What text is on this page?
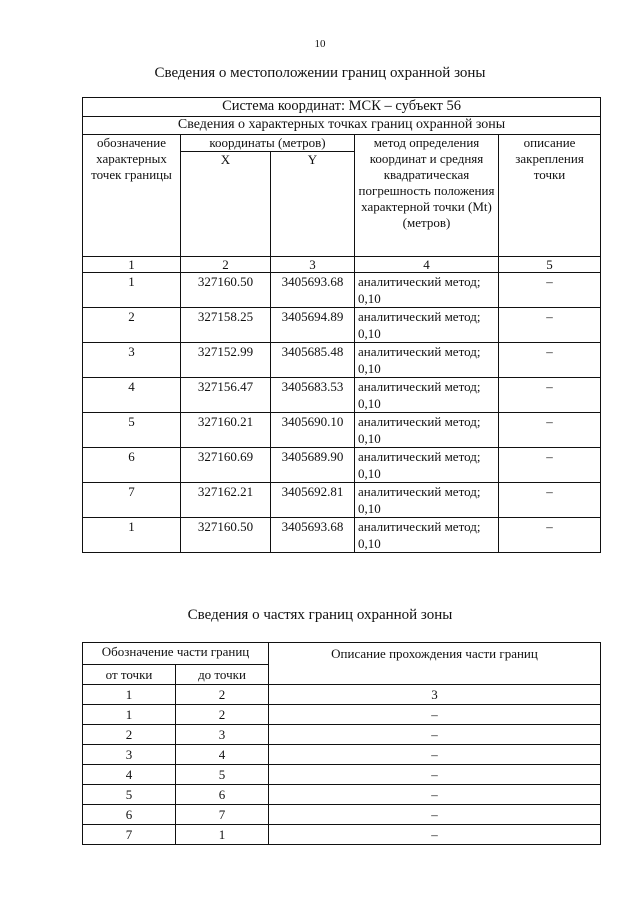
10
Сведения о местоположении границ охранной зоны
Система координат: МСК – субъект 56				
Сведения о характерных точках границ охранной зоны				
обозначение характерных точек границы	координаты (метров)		метод определения координат и средняя квадратическая погрешность положения характерной точки (Mt) (метров)	описание закрепления точки
	X	Y		
1	2	3	4	5
1	327160.50	3405693.68	аналитический метод; 0,10	–
2	327158.25	3405694.89	аналитический метод; 0,10	–
3	327152.99	3405685.48	аналитический метод; 0,10	–
4	327156.47	3405683.53	аналитический метод; 0,10	–
5	327160.21	3405690.10	аналитический метод; 0,10	–
6	327160.69	3405689.90	аналитический метод; 0,10	–
7	327162.21	3405692.81	аналитический метод; 0,10	–
1	327160.50	3405693.68	аналитический метод; 0,10	–
Сведения о частях границ охранной зоны
Обозначение части границ		Описание прохождения части границ
от точки	до точки	
1	2	3
1	2	–
2	3	–
3	4	–
4	5	–
5	6	–
6	7	–
7	1	–
